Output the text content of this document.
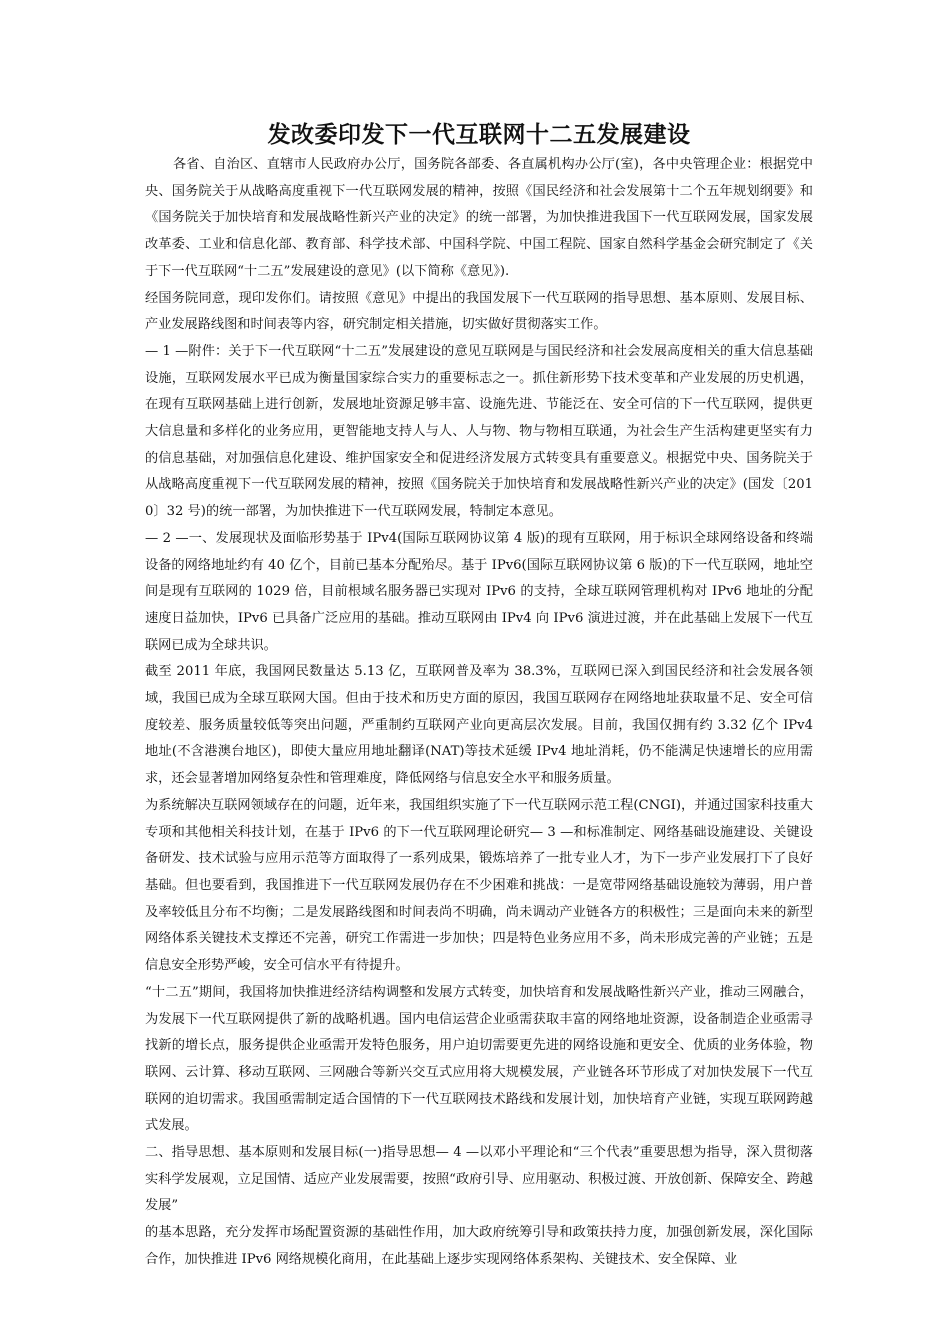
发改委印发下一代互联网十二五发展建设

各省、自治区、直辖市人民政府办公厅，国务院各部委、各直属机构办公厅(室)，各中央管理企业：根据党中央、国务院关于从战略高度重视下一代互联网发展的精神，按照《国民经济和社会发展第十二个五年规划纲要》和《国务院关于加快培育和发展战略性新兴产业的决定》的统一部署，为加快推进我国下一代互联网发展，国家发展改革委、工业和信息化部、教育部、科学技术部、中国科学院、中国工程院、国家自然科学基金会研究制定了《关于下一代互联网“十二五”发展建设的意见》(以下简称《意见》).

经国务院同意，现印发你们。请按照《意见》中提出的我国发展下一代互联网的指导思想、基本原则、发展目标、产业发展路线图和时间表等内容，研究制定相关措施，切实做好贯彻落实工作。

— 1 —附件：关于下一代互联网“十二五”发展建设的意见互联网是与国民经济和社会发展高度相关的重大信息基础设施，互联网发展水平已成为衡量国家综合实力的重要标志之一。抓住新形势下技术变革和产业发展的历史机遇，在现有互联网基础上进行创新，发展地址资源足够丰富、设施先进、节能泛在、安全可信的下一代互联网，提供更大信息量和多样化的业务应用，更智能地支持人与人、人与物、物与物相互联通，为社会生产生活构建更坚实有力的信息基础，对加强信息化建设、维护国家安全和促进经济发展方式转变具有重要意义。根据党中央、国务院关于从战略高度重视下一代互联网发展的精神，按照《国务院关于加快培育和发展战略性新兴产业的决定》(国发〔2010〕32 号)的统一部署，为加快推进下一代互联网发展，特制定本意见。

— 2 —一、发展现状及面临形势基于 IPv4(国际互联网协议第 4 版)的现有互联网，用于标识全球网络设备和终端设备的网络地址约有 40 亿个，目前已基本分配殆尽。基于 IPv6(国际互联网协议第 6 版)的下一代互联网，地址空间是现有互联网的 1029 倍，目前根域名服务器已实现对 IPv6 的支持，全球互联网管理机构对 IPv6 地址的分配速度日益加快，IPv6 已具备广泛应用的基础。推动互联网由 IPv4 向 IPv6 演进过渡，并在此基础上发展下一代互联网已成为全球共识。

截至 2011 年底，我国网民数量达 5.13 亿，互联网普及率为 38.3%，互联网已深入到国民经济和社会发展各领域，我国已成为全球互联网大国。但由于技术和历史方面的原因，我国互联网存在网络地址获取量不足、安全可信度较差、服务质量较低等突出问题，严重制约互联网产业向更高层次发展。目前，我国仅拥有约 3.32 亿个 IPv4 地址(不含港澳台地区)，即使大量应用地址翻译(NAT)等技术延缓 IPv4 地址消耗，仍不能满足快速增长的应用需求，还会显著增加网络复杂性和管理难度，降低网络与信息安全水平和服务质量。

为系统解决互联网领域存在的问题，近年来，我国组织实施了下一代互联网示范工程(CNGI)，并通过国家科技重大专项和其他相关科技计划，在基于 IPv6 的下一代互联网理论研究— 3 —和标准制定、网络基础设施建设、关键设备研发、技术试验与应用示范等方面取得了一系列成果，锻炼培养了一批专业人才，为下一步产业发展打下了良好基础。但也要看到，我国推进下一代互联网发展仍存在不少困难和挑战：一是宽带网络基础设施较为薄弱，用户普及率较低且分布不均衡；二是发展路线图和时间表尚不明确，尚未调动产业链各方的积极性；三是面向未来的新型网络体系关键技术支撑还不完善，研究工作需进一步加快；四是特色业务应用不多，尚未形成完善的产业链；五是信息安全形势严峻，安全可信水平有待提升。

“十二五”期间，我国将加快推进经济结构调整和发展方式转变，加快培育和发展战略性新兴产业，推动三网融合，为发展下一代互联网提供了新的战略机遇。国内电信运营企业亟需获取丰富的网络地址资源，设备制造企业亟需寻找新的增长点，服务提供企业亟需开发特色服务，用户迫切需要更先进的网络设施和更安全、优质的业务体验，物联网、云计算、移动互联网、三网融合等新兴交互式应用将大规模发展，产业链各环节形成了对加快发展下一代互联网的迫切需求。我国亟需制定适合国情的下一代互联网技术路线和发展计划，加快培育产业链，实现互联网跨越式发展。

二、指导思想、基本原则和发展目标(一)指导思想— 4 —以邓小平理论和“三个代表”重要思想为指导，深入贯彻落实科学发展观，立足国情、适应产业发展需要，按照“政府引导、应用驱动、积极过渡、开放创新、保障安全、跨越发展”

的基本思路，充分发挥市场配置资源的基础性作用，加大政府统筹引导和政策扶持力度，加强创新发展，深化国际合作，加快推进 IPv6 网络规模化商用，在此基础上逐步实现网络体系架构、关键技术、安全保障、业
